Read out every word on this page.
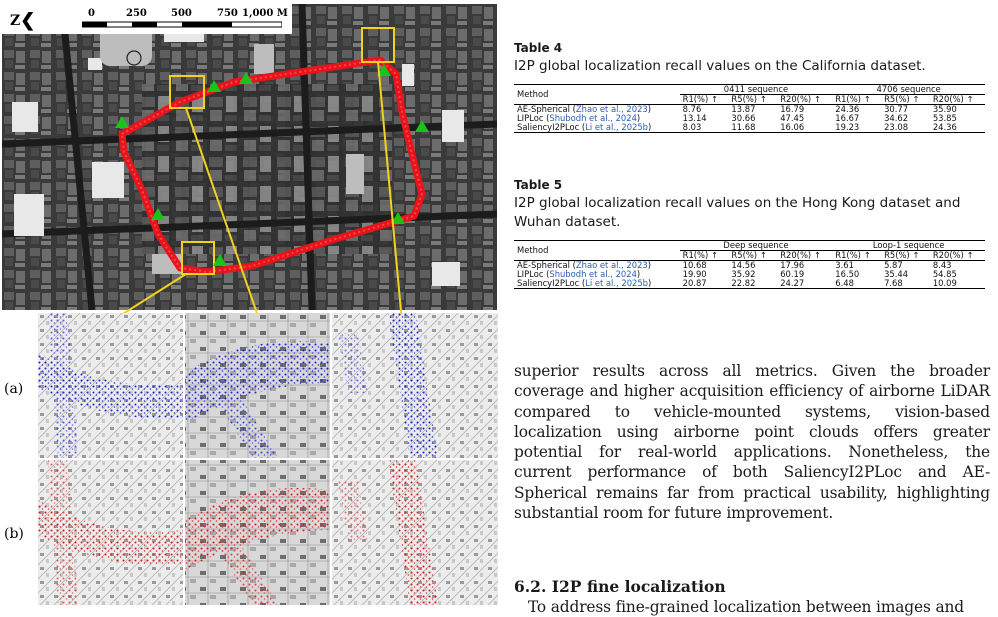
Z❮	0	250 500	750 1,000 M
(a)
(b)

Table 4

I2P global localization recall values on the California dataset.

Method	0411 sequence			4706 sequence		
	R1(%) ↑	R5(%) ↑	R20(%) ↑	R1(%) ↑	R5(%) ↑	R20(%) ↑
AE-Spherical (Zhao et al., 2023)	8.76	13.87	16.79	24.36	30.77	35.90
LIPLoc (Shubodh et al., 2024)	13.14	30.66	47.45	16.67	34.62	53.85
SaliencyI2PLoc (Li et al., 2025b)	8.03	11.68	16.06	19.23	23.08	24.36

Table 5

I2P global localization recall values on the Hong Kong dataset and Wuhan dataset.

Method	Deep sequence			Loop-1 sequence		
	R1(%) ↑	R5(%) ↑	R20(%) ↑	R1(%) ↑	R5(%) ↑	R20(%) ↑
AE-Spherical (Zhao et al., 2023)	10.68	14.56	17.96	3.61	5.87	8.43
LIPLoc (Shubodh et al., 2024)	19.90	35.92	60.19	16.50	35.44	54.85
SaliencyI2PLoc (Li et al., 2025b)	20.87	22.82	24.27	6.48	7.68	10.09

superior results across all metrics. Given the broader coverage and higher acquisition efficiency of airborne LiDAR compared to vehicle-mounted systems, vision-based localization using airborne point clouds offers greater potential for real-world applications. Nonetheless, the current performance of both SaliencyI2PLoc and AE-Spherical remains far from practical usability, highlighting substantial room for future improvement.

6.2. I2P fine localization

To address fine-grained localization between images and
